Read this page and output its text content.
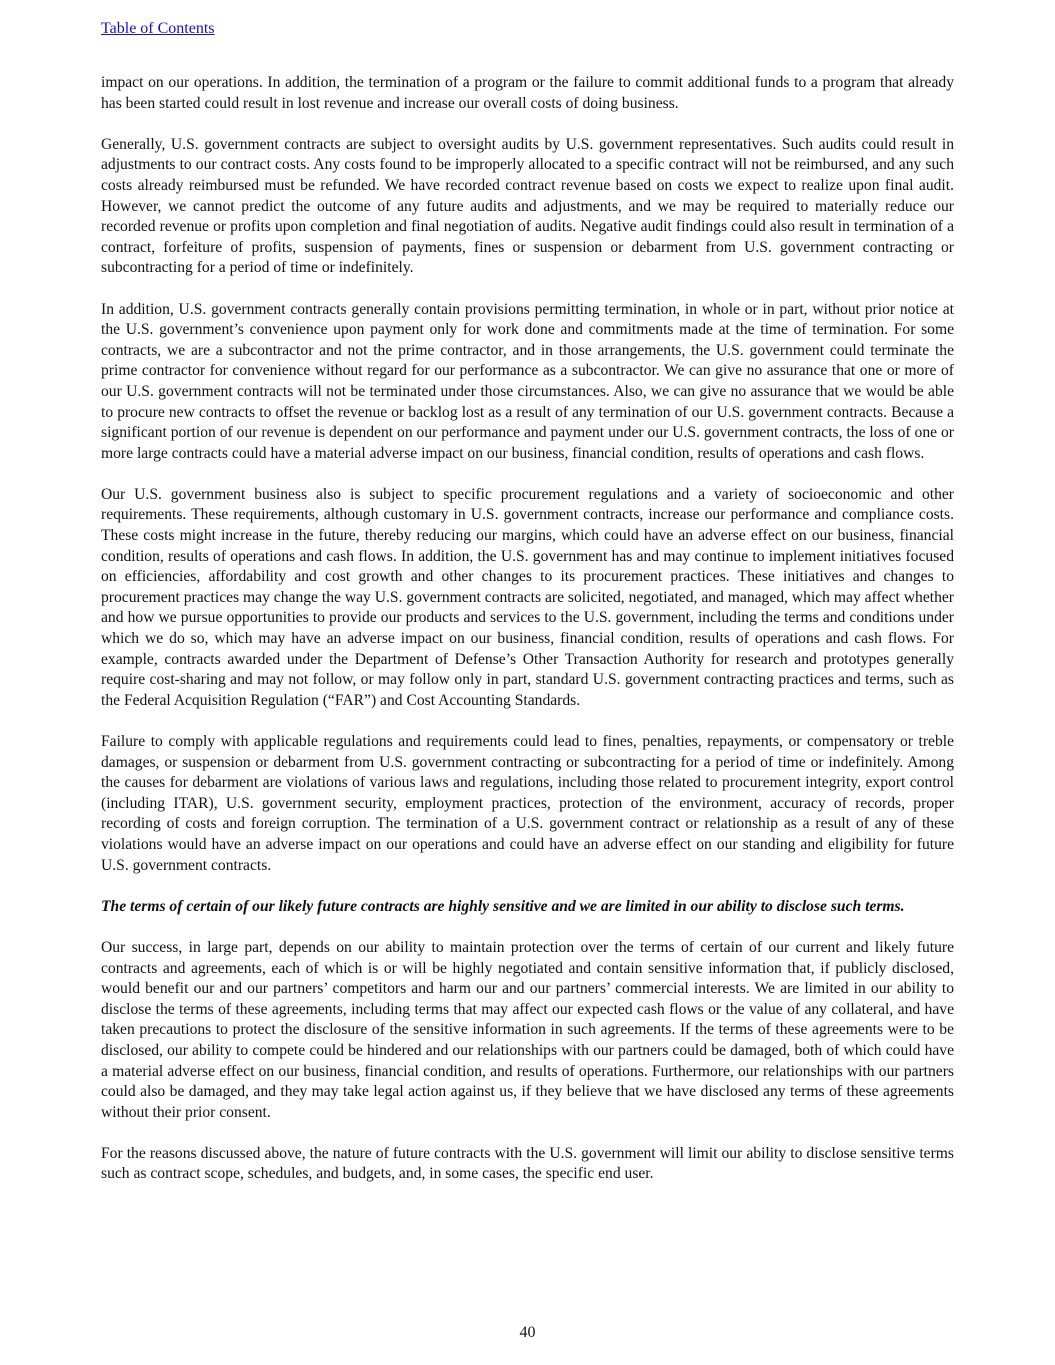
Table of Contents

impact on our operations. In addition, the termination of a program or the failure to commit additional funds to a program that already has been started could result in lost revenue and increase our overall costs of doing business.

Generally, U.S. government contracts are subject to oversight audits by U.S. government representatives. Such audits could result in adjustments to our contract costs. Any costs found to be improperly allocated to a specific contract will not be reimbursed, and any such costs already reimbursed must be refunded. We have recorded contract revenue based on costs we expect to realize upon final audit. However, we cannot predict the outcome of any future audits and adjustments, and we may be required to materially reduce our recorded revenue or profits upon completion and final negotiation of audits. Negative audit findings could also result in termination of a contract, forfeiture of profits, suspension of payments, fines or suspension or debarment from U.S. government contracting or subcontracting for a period of time or indefinitely.

In addition, U.S. government contracts generally contain provisions permitting termination, in whole or in part, without prior notice at the U.S. government’s convenience upon payment only for work done and commitments made at the time of termination. For some contracts, we are a subcontractor and not the prime contractor, and in those arrangements, the U.S. government could terminate the prime contractor for convenience without regard for our performance as a subcontractor. We can give no assurance that one or more of our U.S. government contracts will not be terminated under those circumstances. Also, we can give no assurance that we would be able to procure new contracts to offset the revenue or backlog lost as a result of any termination of our U.S. government contracts. Because a significant portion of our revenue is dependent on our performance and payment under our U.S. government contracts, the loss of one or more large contracts could have a material adverse impact on our business, financial condition, results of operations and cash flows.

Our U.S. government business also is subject to specific procurement regulations and a variety of socioeconomic and other requirements. These requirements, although customary in U.S. government contracts, increase our performance and compliance costs. These costs might increase in the future, thereby reducing our margins, which could have an adverse effect on our business, financial condition, results of operations and cash flows. In addition, the U.S. government has and may continue to implement initiatives focused on efficiencies, affordability and cost growth and other changes to its procurement practices. These initiatives and changes to procurement practices may change the way U.S. government contracts are solicited, negotiated, and managed, which may affect whether and how we pursue opportunities to provide our products and services to the U.S. government, including the terms and conditions under which we do so, which may have an adverse impact on our business, financial condition, results of operations and cash flows. For example, contracts awarded under the Department of Defense’s Other Transaction Authority for research and prototypes generally require cost-sharing and may not follow, or may follow only in part, standard U.S. government contracting practices and terms, such as the Federal Acquisition Regulation (“FAR”) and Cost Accounting Standards.

Failure to comply with applicable regulations and requirements could lead to fines, penalties, repayments, or compensatory or treble damages, or suspension or debarment from U.S. government contracting or subcontracting for a period of time or indefinitely. Among the causes for debarment are violations of various laws and regulations, including those related to procurement integrity, export control (including ITAR), U.S. government security, employment practices, protection of the environment, accuracy of records, proper recording of costs and foreign corruption. The termination of a U.S. government contract or relationship as a result of any of these violations would have an adverse impact on our operations and could have an adverse effect on our standing and eligibility for future U.S. government contracts.

The terms of certain of our likely future contracts are highly sensitive and we are limited in our ability to disclose such terms.

Our success, in large part, depends on our ability to maintain protection over the terms of certain of our current and likely future contracts and agreements, each of which is or will be highly negotiated and contain sensitive information that, if publicly disclosed, would benefit our and our partners’ competitors and harm our and our partners’ commercial interests. We are limited in our ability to disclose the terms of these agreements, including terms that may affect our expected cash flows or the value of any collateral, and have taken precautions to protect the disclosure of the sensitive information in such agreements. If the terms of these agreements were to be disclosed, our ability to compete could be hindered and our relationships with our partners could be damaged, both of which could have a material adverse effect on our business, financial condition, and results of operations. Furthermore, our relationships with our partners could also be damaged, and they may take legal action against us, if they believe that we have disclosed any terms of these agreements without their prior consent.

For the reasons discussed above, the nature of future contracts with the U.S. government will limit our ability to disclose sensitive terms such as contract scope, schedules, and budgets, and, in some cases, the specific end user.

40
